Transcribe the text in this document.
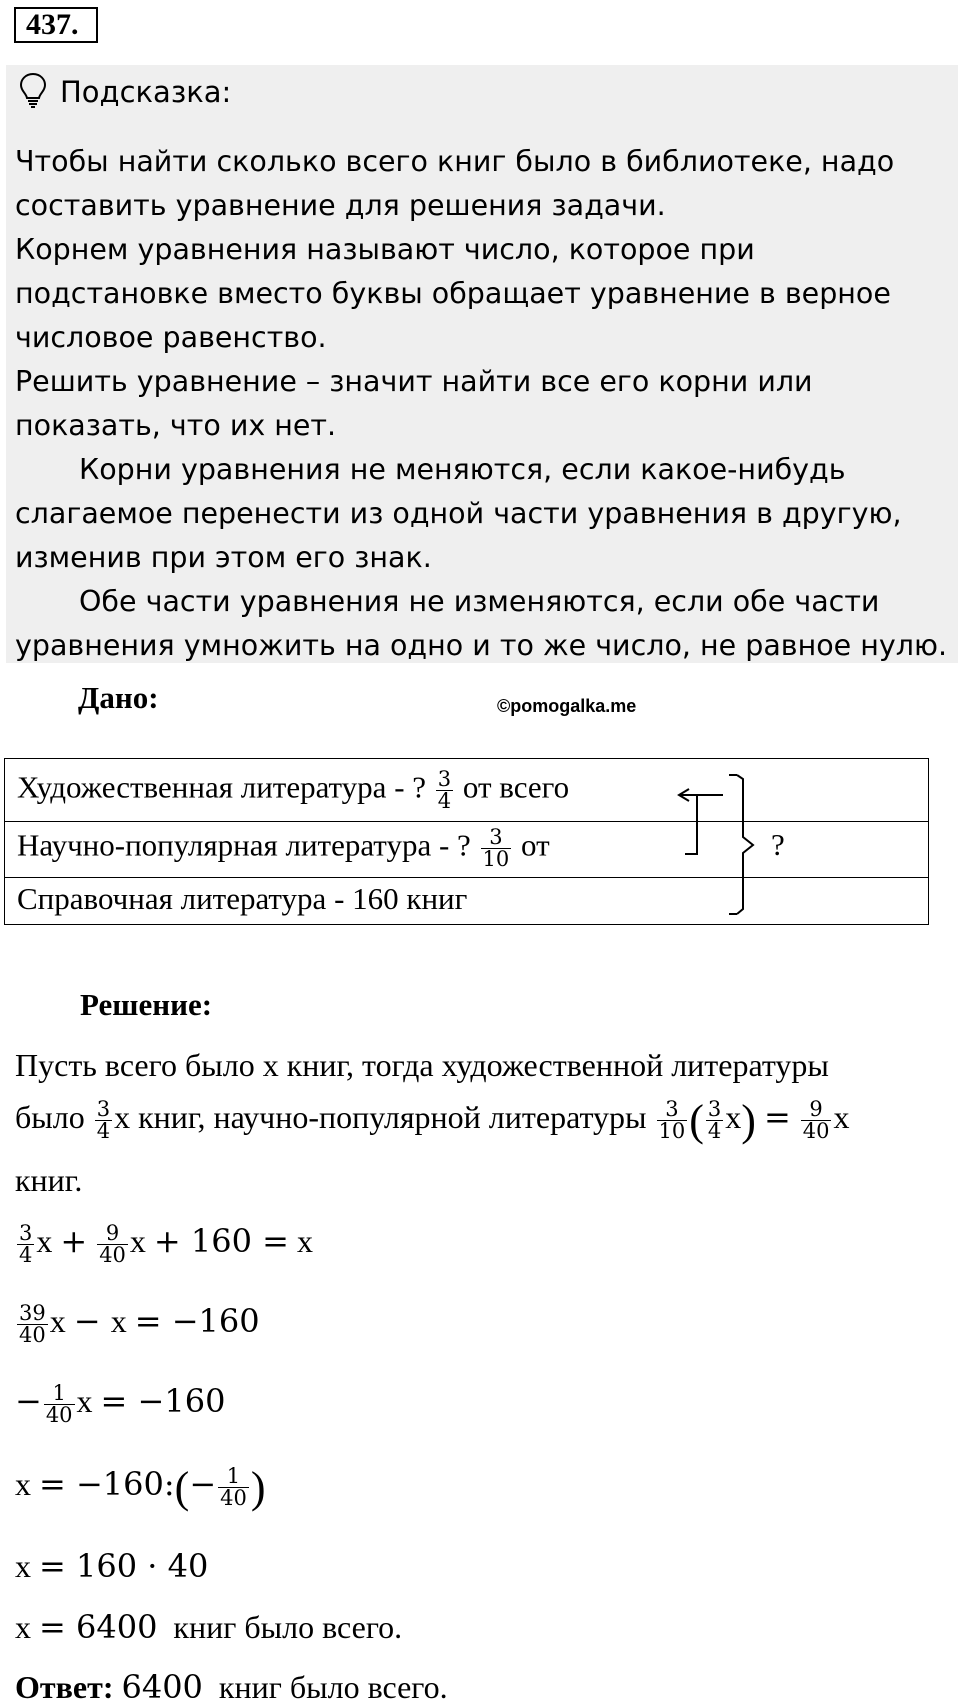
437.
Подсказка:

Чтобы найти сколько всего книг было в библиотеке, надо

составить уравнение для решения задачи.

Корнем уравнения называют число, которое при

подстановке вместо буквы обращает уравнение в верное

числовое равенство.

Решить уравнение – значит найти все его корни или

показать, что их нет.

Корни уравнения не меняются, если какое-нибудь

слагаемое перенести из одной части уравнения в другую,

изменив при этом его знак.

Обе части уравнения не изменяются, если обе части

уравнения умножить на одно и то же число, не равное нулю.

Дано:	©pomogalka.me
Художественная литература - ? $\frac{3}{4}$ от всего
Научно-популярная литература - ? $\frac{3}{10}$ от
Справочная литература - 160 книг
?
Решение:
Пусть всего было x книг, тогда художественной литературы
было $\frac{3}{4}$ x книг, научно-популярной литературы $\frac{3}{10}$ ( $\frac{3}{4} x) = \frac{9}{40}$ x
книг.
$\frac{3}{4}$ $x + \frac{9}{40}$ x + 160 = x
$\frac{39}{40}$ x − x = −160
− $\frac{1}{40}$ x = −160
x = −160:(− $\frac{1}{40}$ )
x = 160 · 40
x = 6400 книг было всего.
Ответ: 6400 книг было всего.
